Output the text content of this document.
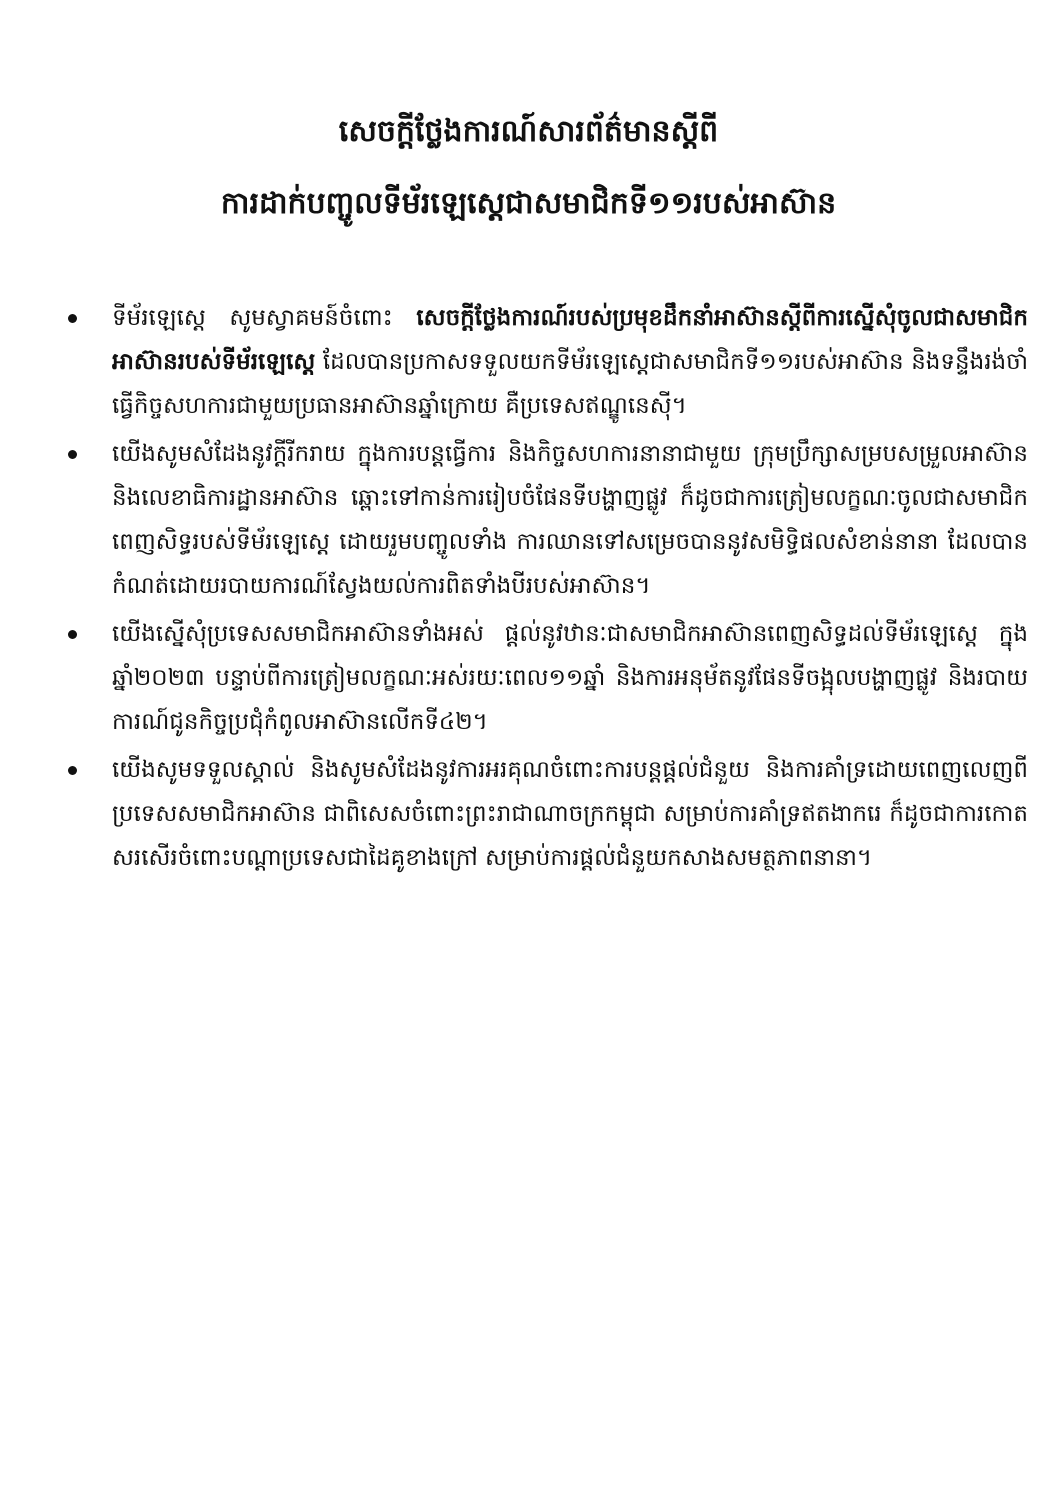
សេចក្ដីថ្លែងការណ៍សារព័ត៌មានស្ដីពី

ការដាក់បញ្ចូលទីម័រឡេស្តេជាសមាជិកទី១១របស់អាស៊ាន

ទីម័រឡេស្តេ សូមស្វាគមន៍ចំពោះ សេចក្ដីថ្លែងការណ៍របស់ប្រមុខដឹកនាំអាស៊ានស្តីពីការស្នើសុំចូលជាសមាជិកអាស៊ានរបស់ទីម័រឡេស្តេ ដែលបានប្រកាសទទួលយកទីម័រឡេស្តេជាសមាជិកទី១១របស់អាស៊ាន និងទន្ទឹងរង់ចាំធ្វើកិច្ចសហការជាមួយប្រធានអាស៊ានឆ្នាំក្រោយ គឺប្រទេសឥណ្ឌូនេស៊ី។
យើងសូមសំដែងនូវក្តីរីករាយ ក្នុងការបន្តធ្វើការ និងកិច្ចសហការនានាជាមួយ ក្រុមប្រឹក្សាសម្របសម្រួលអាស៊ាន និងលេខាធិការដ្ឋានអាស៊ាន ឆ្ពោះទៅកាន់ការរៀបចំផែនទីបង្ហាញផ្លូវ ក៏ដូចជាការត្រៀមលក្ខណៈចូលជាសមាជិកពេញសិទ្ធរបស់ទីម័រឡេស្តេ ដោយរួមបញ្ចូលទាំង ការឈានទៅសម្រេចបាននូវសមិទ្ធិផលសំខាន់នានា ដែលបានកំណត់ដោយរបាយការណ៍ស្វែងយល់ការពិតទាំងបីរបស់អាស៊ាន។
យើងស្នើសុំប្រទេសសមាជិកអាស៊ានទាំងអស់ ផ្តល់នូវឋានៈជាសមាជិកអាស៊ានពេញសិទ្ធដល់ទីម័រឡេស្តេ ក្នុងឆ្នាំ២០២៣ បន្ទាប់ពីការត្រៀមលក្ខណៈអស់រយៈពេល១១ឆ្នាំ និងការអនុម័តនូវផែនទីចង្អុលបង្ហាញផ្លូវ និងរបាយការណ៍ជូនកិច្ចប្រជុំកំពូលអាស៊ានលើកទី៤២។
យើងសូមទទួលស្គាល់ និងសូមសំដែងនូវការអរគុណចំពោះការបន្តផ្តល់ជំនួយ និងការគាំទ្រដោយពេញលេញពីប្រទេសសមាជិកអាស៊ាន ជាពិសេសចំពោះព្រះរាជាណាចក្រកម្ពុជា សម្រាប់ការគាំទ្រឥតងាករេ ក៏ដូចជាការកោតសរសើរចំពោះបណ្តាប្រទេសជាដៃគូខាងក្រៅ សម្រាប់ការផ្តល់ជំនួយកសាងសមត្ថភាពនានា។
